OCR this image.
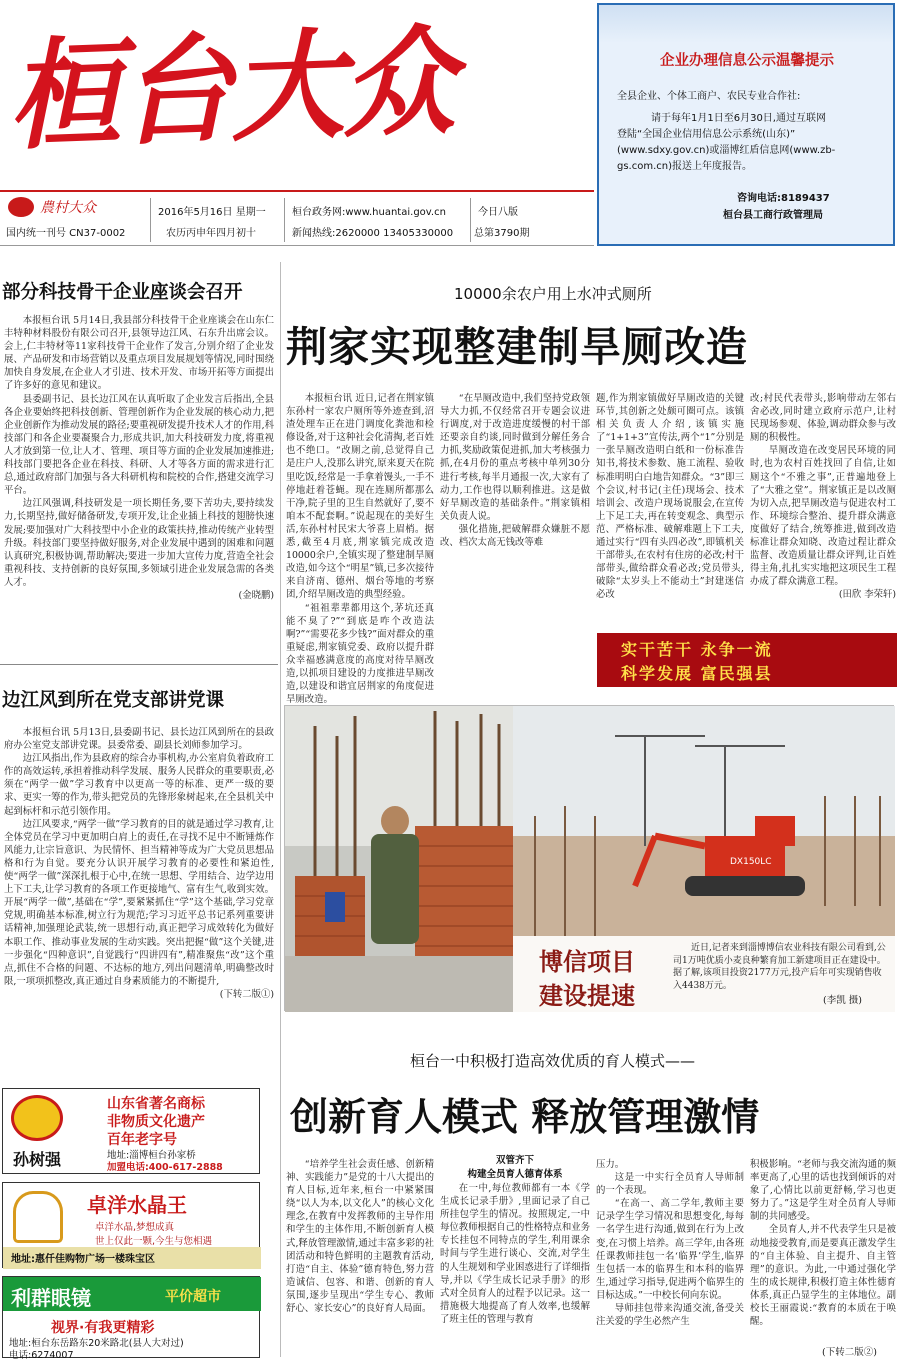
桓台大众	企业办理信息公示温馨提示
全县企业、个体工商户、农民专业合作社:
请于每年1月1日至6月30日,通过互联网
登陆“全国企业信用信息公示系统(山东)”
(www.sdxy.gov.cn)或淄博红盾信息网(www.zb-
gs.com.cn)报送上年度报告。
咨询电话:8189437
桓台县工商行政管理局
農村大众
国内统一刊号 CN37-0002
2016年5月16日 星期一
农历丙申年四月初十
桓台政务网:www.huantai.gov.cn
新闻热线:2620000 13405330000
今日八版
总第3790期
部分科技骨干企业座谈会召开

本报桓台讯 5月14日,我县部分科技骨干企业座谈会在山东仁丰特种材料股份有限公司召开,县领导边江风、石东升出席会议。会上,仁丰特材等11家科技骨干企业作了发言,分别介绍了企业发展、产品研发和市场营销以及重点项目发展规划等情况,同时围绕加快自身发展,在企业人才引进、技术开发、市场开拓等方面提出了许多好的意见和建议。

县委副书记、县长边江风在认真听取了企业发言后指出,全县各企业要始终把科技创新、管理创新作为企业发展的核心动力,把企业创新作为推动发展的路径;要重视研发提升技术人才的作用,科技部门和各企业要凝聚合力,形成共识,加大科技研发力度,将重视人才放到第一位,让人才、管理、项目等方面的企业发展加速推进;科技部门要把各企业在科技、科研、人才等各方面的需求进行汇总,通过政府部门加强与各大科研机构和院校的合作,搭建交流学习平台。

边江风强调,科技研发是一项长期任务,要下苦功夫,要持续发力,长期坚持,做好储备研发,专项开发,让企业插上科技的翅膀快速发展;要加强对广大科技型中小企业的政策扶持,推动传统产业转型升级。科技部门要坚持做好服务,对企业发展中遇到的困难和问题认真研究,积极协调,帮助解决;要进一步加大宣传力度,营造全社会重视科技、支持创新的良好氛围,多领域引进企业发展急需的各类人才。

(金晓鹏)

边江风到所在党支部讲党课

本报桓台讯 5月13日,县委副书记、县长边江风到所在的县政府办公室党支部讲党课。县委常委、副县长刘师参加学习。

边江风指出,作为县政府的综合办事机构,办公室肩负着政府工作的高效运转,承担着推动科学发展、服务人民群众的重要职责,必须在“两学一做”学习教育中以更高一等的标准、更严一级的要求、更实一筹的作为,带头把党员的先锋形象树起来,在全县机关中起到标杆和示范引领作用。

边江风要求,“两学一做”学习教育的目的就是通过学习教育,让全体党员在学习中更加明白肩上的责任,在寻找不足中不断锤炼作风能力,让宗旨意识、为民情怀、担当精神等成为广大党员思想品格和行为自觉。要充分认识开展学习教育的必要性和紧迫性,使“两学一做”深深扎根于心中,在统一思想、学用结合、边学边用上下工夫,让学习教育的各项工作更接地气、富有生气,收到实效。开展“两学一做”,基础在“学”,要紧紧抓住“学”这个基础,学习党章党规,明确基本标准,树立行为规范;学习习近平总书记系列重要讲话精神,加强理论武装,统一思想行动,真正把学习成效转化为做好本职工作、推动事业发展的生动实践。突出把握“做”这个关键,进一步强化“四种意识”,自觉践行“四讲四有”,精准聚焦“改”这个重点,抓住不合格的问题、不达标的地方,列出问题清单,明确整改时限,一项项抓整改,真正通过自身素质能力的不断提升,

(下转二版①)

10000余农户用上水冲式厕所
荆家实现整建制旱厕改造

本报桓台讯 近日,记者在荆家镇东孙村一家农户厕所等外迹查到,沼渣处理车正在进门调度化粪池和检修设备,对于这种社会化清掏,老百姓也不绝口。“改厕之前,总觉得自己是庄户人,没那么讲究,原来夏天在院里吃饭,经常是一手拿着馒头,一手不停地赶着苍蝇。现在连厕所都那么干净,院子里的卫生自然就好了,要不咱本不配套啊。”说起现在的美好生活,东孙村村民宋大爷喜上眉梢。据悉,截至4月底,荆家镇完成改造10000余户,全镇实现了整建制旱厕改造,如今这个“明星”镇,已多次接待来自济南、德州、烟台等地的考察团,介绍旱厕改造的典型经验。

“祖祖辈辈都用这个,茅坑还真能不臭了?”“到底是咋个改造法啊?”“需要花多少钱?”面对群众的重重疑虑,荆家镇党委、政府以提升群众幸福感满意度的高度对待旱厕改造,以抓项目建设的力度推进旱厕改造,以建设和谐宜居荆家的角度促进旱厕改造。

“在旱厕改造中,我们坚持党政领导大力抓,不仅经常召开专题会议进行调度,对于改造进度缓慢的村干部还要亲自约谈,同时做到分解任务合力抓,奖励政策促进抓,加大考核强力抓,在4月份的重点考核中单列30分进行考核,每半月通报一次,大家有了动力,工作也得以顺利推进。这是做好旱厕改造的基础条件。”荆家镇相关负责人说。

强化措施,把破解群众嫌脏不愿改、档次太高无钱改等难

题,作为荆家镇做好旱厕改造的关键环节,其创新之处颇可圈可点。该镇相关负责人介绍,该镇实施了“1+1+3”宣传法,两个“1”分别是一张旱厕改造明白纸和一份标准告知书,将技术参数、施工流程、验收标准明明白白地告知群众。“3”即三个会议,村书记(主任)现场会、技术培训会、改造户现场说服会,在宣传上下足工夫,再在转变观念、典型示范、严格标准、破解难题上下工夫,通过实行“四有头四必改”,即镇机关干部带头,在农村有住房的必改;村干部带头,做给群众看必改;党员带头,破除“太岁头上不能动土”封建迷信必改

改;村民代表带头,影响带动左邻右舍必改,同时建立政府示范户,让村民现场参观、体验,调动群众参与改厕的积极性。

旱厕改造在改变居民环境的同时,也为农村百姓找回了自信,让如厕这个“不雅之事”,正普遍地登上了“大雅之堂”。荆家镇正是以改厕为切入点,把旱厕改造与促进农村工作、环境综合整治、提升群众满意度做好了结合,统筹推进,做到改造标准让群众知晓、改造过程让群众监督、改造质量让群众评判,让百姓得主角,扎扎实实地把这项民生工程办成了群众满意工程。

(田欣 李荣轩)

实干苦干 永争一流
科学发展 富民强县
DX150LC
博信项目
建设提速
近日,记者来到淄博博信农业科技有限公司看到,公司1万吨优质小麦良种繁育加工新建项目正在建设中。据了解,该项目投资2177万元,投产后年可实现销售收入4438万元。
(李凯 摄)
桓台一中积极打造高效优质的育人模式——
创新育人模式 释放管理激情

“培养学生社会责任感、创新精神、实践能力”是党的十八大提出的育人目标,近年来,桓台一中紧紧围绕“以人为本,以文化人”的核心文化理念,在教育中发挥教师的主导作用和学生的主体作用,不断创新育人模式,释放管理激情,通过丰富多彩的社团活动和特色鲜明的主题教育活动,打造“自主、体验”德育特色,努力营造诚信、包容、和谐、创新的育人氛围,逐步呈现出“学生专心、教师舒心、家长安心”的良好育人局面。

双管齐下
构建全员育人德育体系

在一中,每位教师都有一本《学生成长记录手册》,里面记录了自己所挂包学生的情况。按照规定,一中每位教师根据自己的性格特点和业务专长挂包不同特点的学生,利用课余时间与学生进行谈心、交流,对学生的人生规划和学业困惑进行了详细指导,并以《学生成长记录手册》的形式对全员育人的过程予以记录。这一措施极大地提高了育人效率,也缓解了班主任的管理与教育

压力。

这是一中实行全员育人导师制的一个表现。

“在高一、高二学年,教师主要记录学生学习情况和思想变化,每每一名学生进行沟通,做到在行为上改变,在习惯上培养。高三学年,由各班任课教师挂包一名‘临界’学生,临界生包括一本的临界生和本科的临界生,通过学习指导,促进两个临界生的目标达成。”一中校长何向东说。

导师挂包带来沟通交流,备受关注关爱的学生必然产生

积极影响。“老师与我交流沟通的频率更高了,心里的话也找到倾诉的对象了,心情比以前更舒畅,学习也更努力了。”这是学生对全员育人导师制的共同感受。

全员育人,并不代表学生只是被动地接受教育,而是要真正激发学生的“自主体验、自主提升、自主管理”的意识。为此,一中通过强化学生的成长规律,积极打造主体性德育体系,真正凸显学生的主体地位。副校长王丽霞说:“教育的本质在于唤醒。

(下转二版②)
山东省著名商标
非物质文化遗产
百年老字号
孙树强	地址:淄博桓台孙家桥
加盟电话:400-617-2888
卓洋水晶王
卓洋水晶,梦想成真
世上仅此一颗,今生与您相遇
地址:惠仟佳购物广场一楼珠宝区
利群眼镜	平价超市
视界·有我更精彩
地址:桓台东岳路东20米路北(县人大对过)
电话:6274007
